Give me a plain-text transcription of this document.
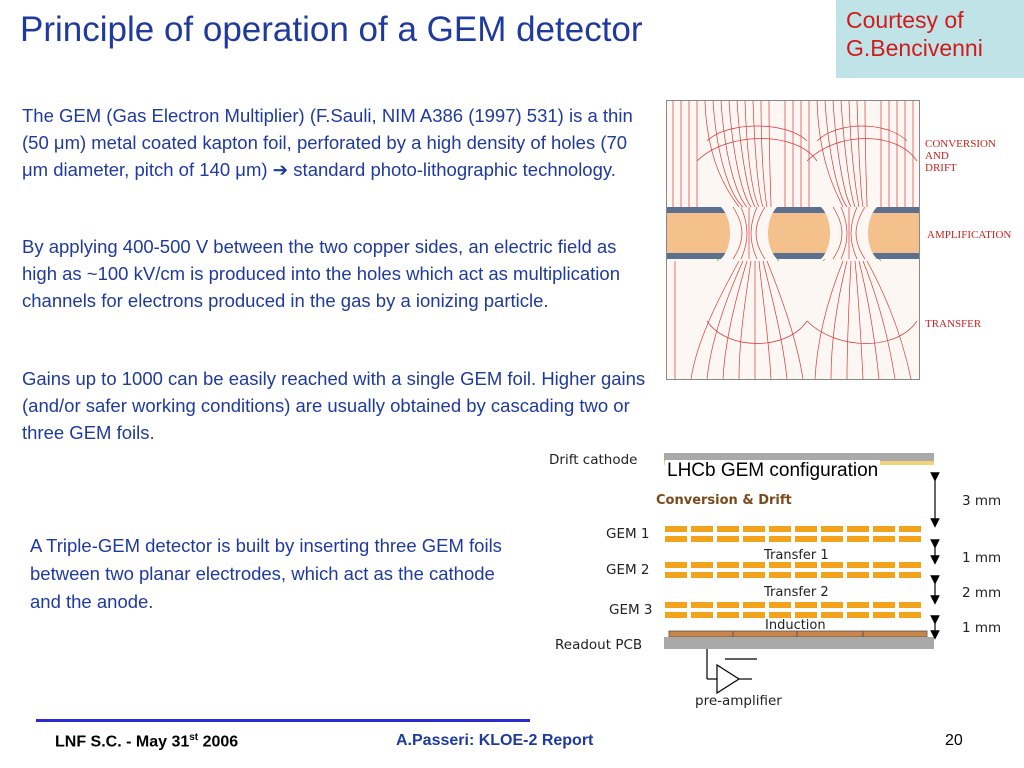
Principle of operation of a GEM detector	Courtesy of
G.Bencivenni
The GEM (Gas Electron Multiplier) (F.Sauli, NIM A386 (1997) 531) is a thin (50 μm) metal coated kapton foil, perforated by a high density of holes (70 μm diameter, pitch of 140 μm) ➔ standard photo-lithographic technology.
By applying 400-500 V between the two copper sides, an electric field as high as ~100 kV/cm is produced into the holes which act as multiplication channels for electrons produced in the gas by a ionizing particle.
Gains up to 1000 can be easily reached with a single GEM foil. Higher gains (and/or safer working conditions) are usually obtained by cascading two or three GEM foils.
A Triple-GEM detector is built by inserting three GEM foils between two planar electrodes, which act as the cathode and the anode.
CONVERSION
AND
DRIFT
AMPLIFICATION
TRANSFER
Drift cathode LHCb GEM configuration
Conversion & Drift
GEM 1
GEM 2
GEM 3
Transfer 1
Transfer 2
Induction
Readout PCB
pre-amplifier
3 mm
1 mm
2 mm
1 mm
LNF S.C. - May 31st 2006	A.Passeri: KLOE-2 Report	20
